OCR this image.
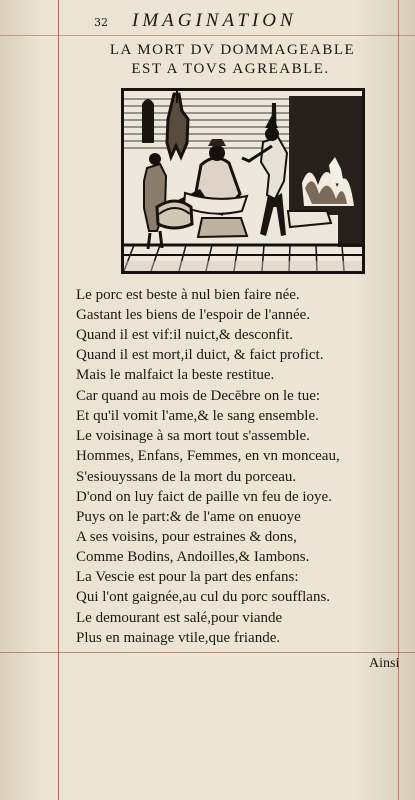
32 IMAGINATION
LA MORT DV DOMMAGEABLE
EST A TOVS AGREABLE.
Le porc est beste à nul bien faire née.
Gastant les biens de l'espoir de l'année.
Quand il est vif:il nuict,& desconfit.
Quand il est mort,il duict, & faict profict.
Mais le malfaict la beste restitue.
Car quand au mois de Decēbre on le tue:
Et qu'il vomit l'ame,& le sang ensemble.
Le voisinage à sa mort tout s'assemble.
Hommes, Enfans, Femmes, en vn monceau,
S'esiouyssans de la mort du porceau.
D'ond on luy faict de paille vn feu de ioye.
Puys on le part:& de l'ame on enuoye
A ses voisins, pour estraines & dons,
Comme Bodins, Andoilles,& Iambons.
La Vescie est pour la part des enfans:
Qui l'ont gaignée,au cul du porc soufflans.
Le demourant est salé,pour viande
Plus en mainage vtile,que friande.
Ainsi
